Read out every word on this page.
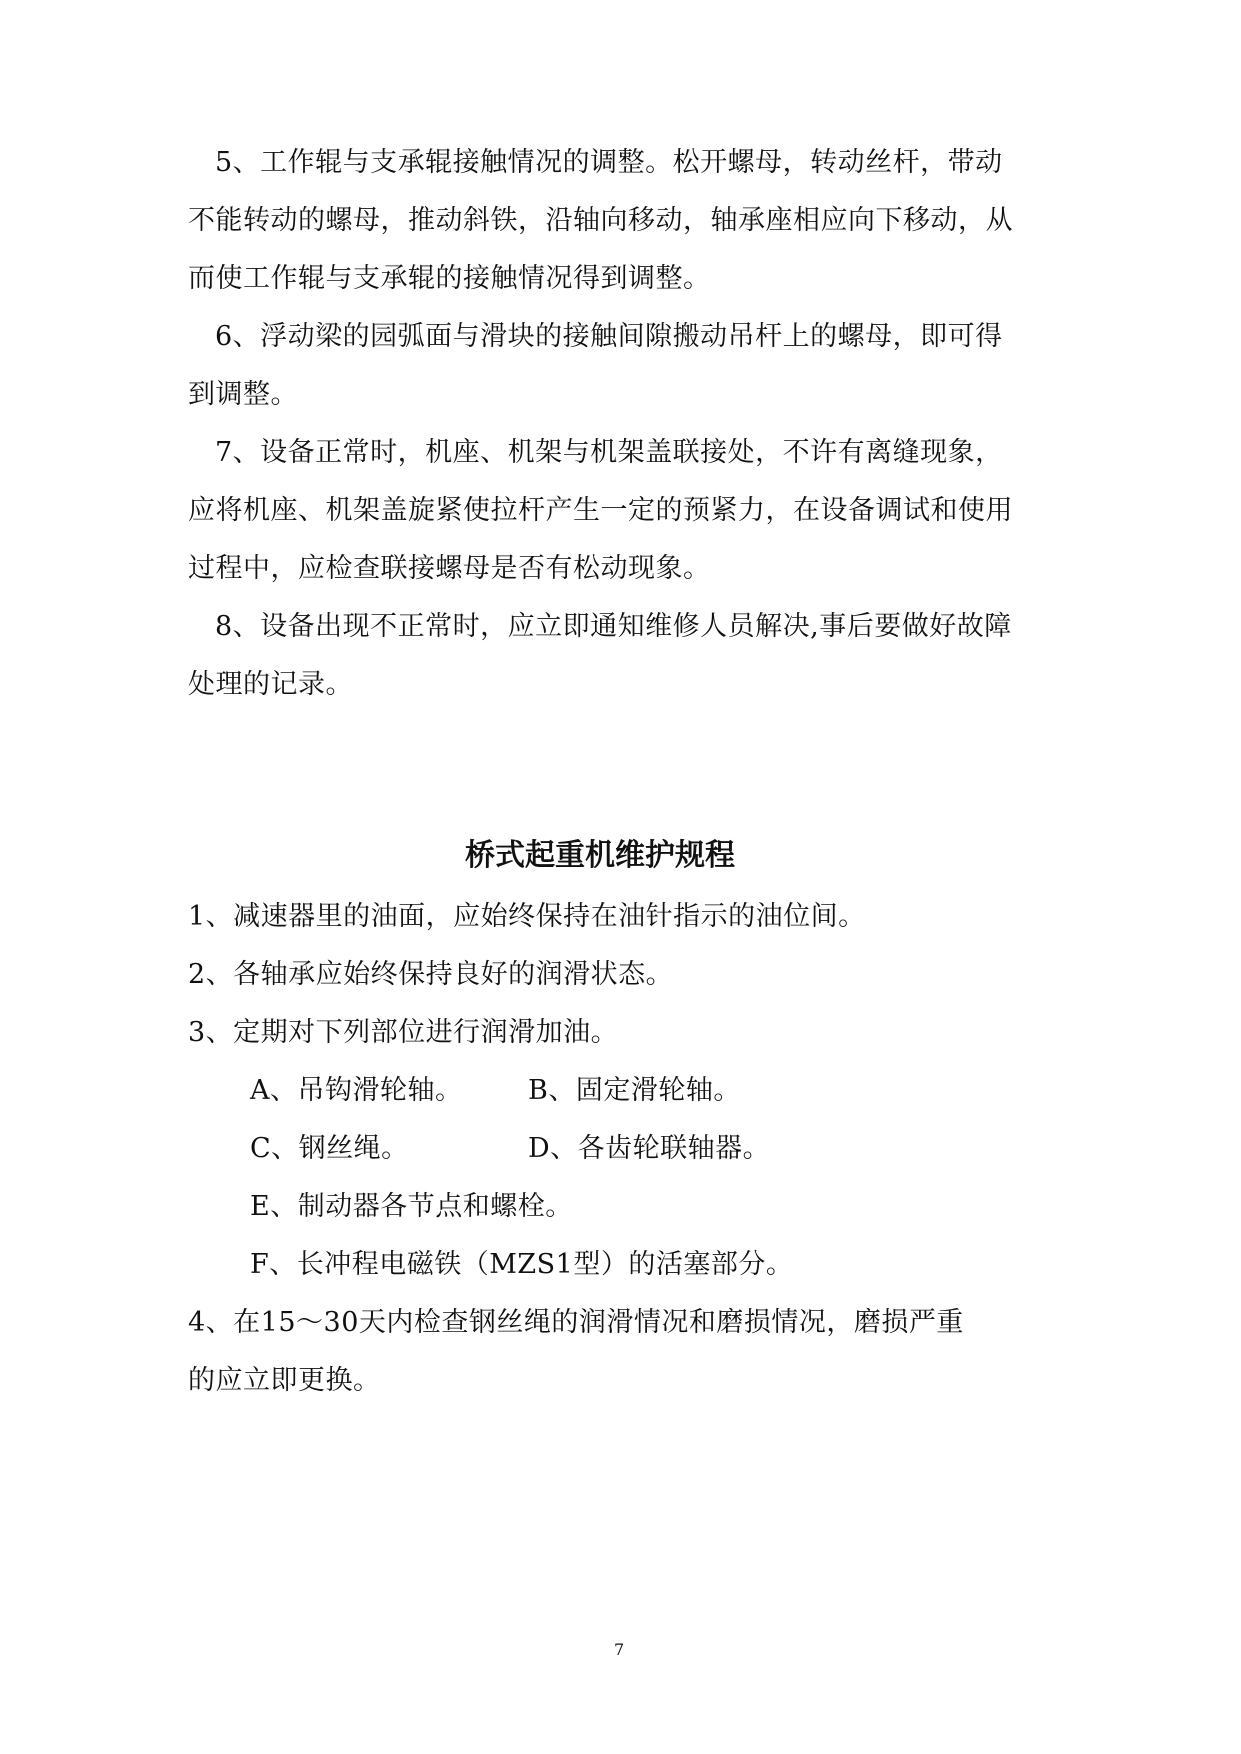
5、工作辊与支承辊接触情况的调整。松开螺母，转动丝杆，带动
不能转动的螺母，推动斜铁，沿轴向移动，轴承座相应向下移动，从
而使工作辊与支承辊的接触情况得到调整。
6、浮动梁的园弧面与滑块的接触间隙搬动吊杆上的螺母，即可得
到调整。
7、设备正常时，机座、机架与机架盖联接处，不许有离缝现象，
应将机座、机架盖旋紧使拉杆产生一定的预紧力，在设备调试和使用
过程中，应检查联接螺母是否有松动现象。
8、设备出现不正常时，应立即通知维修人员解决,事后要做好故障
处理的记录。
桥式起重机维护规程
1、减速器里的油面，应始终保持在油针指示的油位间。
2、各轴承应始终保持良好的润滑状态。
3、定期对下列部位进行润滑加油。
A、吊钩滑轮轴。 B、固定滑轮轴。
C、钢丝绳。	D、各齿轮联轴器。
E、制动器各节点和螺栓。
F、长冲程电磁铁（MZS1型）的活塞部分。
4、在15～30天内检查钢丝绳的润滑情况和磨损情况，磨损严重
的应立即更换。
7
